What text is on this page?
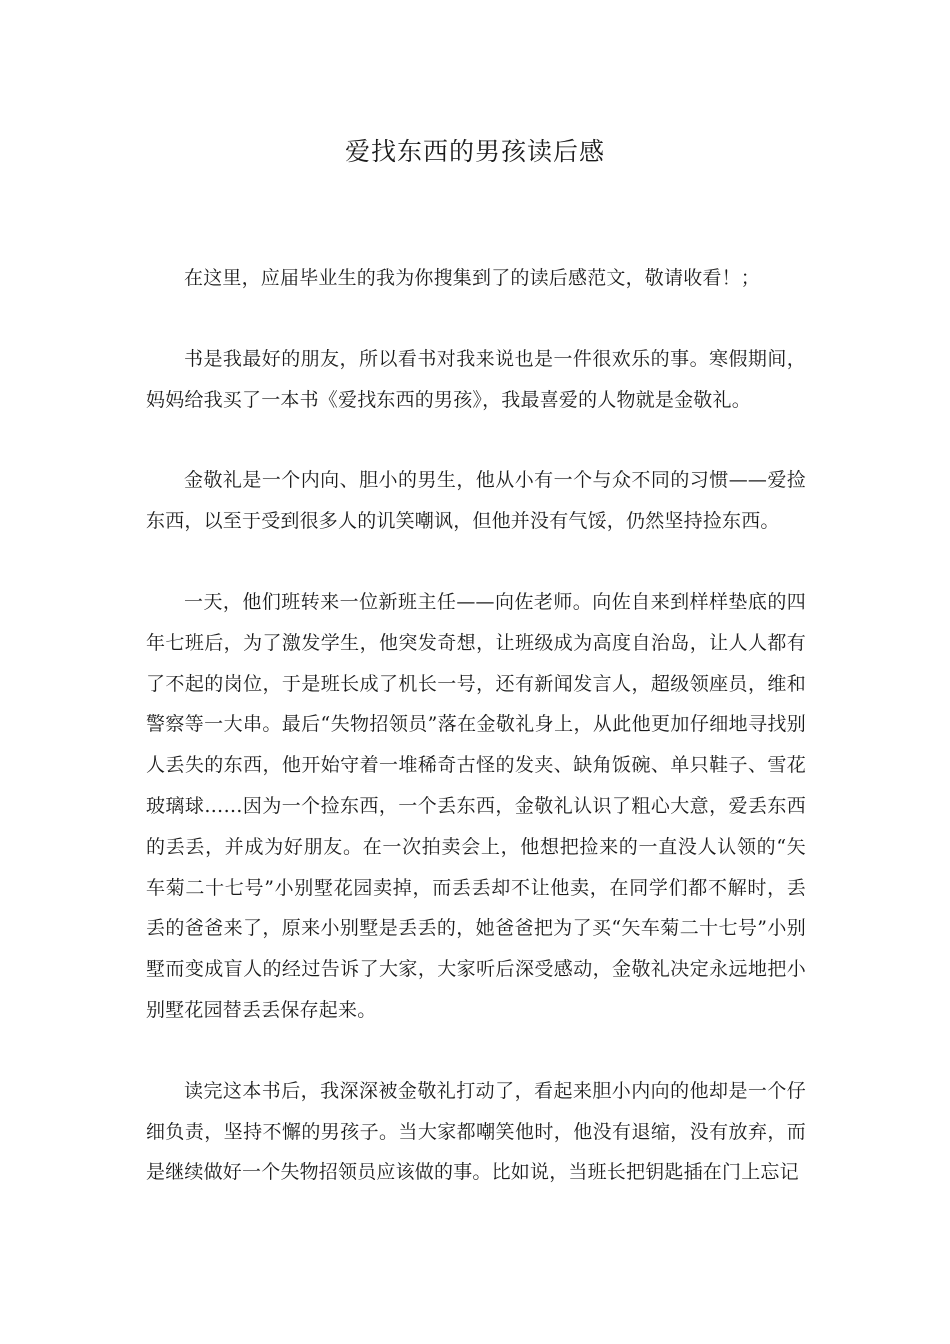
爱找东西的男孩读后感

在这里，应届毕业生的我为你搜集到了的读后感范文，敬请收看！；

书是我最好的朋友，所以看书对我来说也是一件很欢乐的事。寒假期间，妈妈给我买了一本书《爱找东西的男孩》，我最喜爱的人物就是金敬礼。

金敬礼是一个内向、胆小的男生，他从小有一个与众不同的习惯——爱捡东西，以至于受到很多人的讥笑嘲讽，但他并没有气馁，仍然坚持捡东西。

一天，他们班转来一位新班主任——向佐老师。向佐自来到样样垫底的四年七班后，为了激发学生，他突发奇想，让班级成为高度自治岛，让人人都有了不起的岗位，于是班长成了机长一号，还有新闻发言人，超级领座员，维和警察等一大串。最后“失物招领员”落在金敬礼身上，从此他更加仔细地寻找别人丢失的东西，他开始守着一堆稀奇古怪的发夹、缺角饭碗、单只鞋子、雪花玻璃球……因为一个捡东西，一个丢东西，金敬礼认识了粗心大意，爱丢东西的丢丢，并成为好朋友。在一次拍卖会上，他想把捡来的一直没人认领的“矢车菊二十七号”小别墅花园卖掉，而丢丢却不让他卖，在同学们都不解时，丢丢的爸爸来了，原来小别墅是丢丢的，她爸爸把为了买“矢车菊二十七号”小别墅而变成盲人的经过告诉了大家，大家听后深受感动，金敬礼决定永远地把小别墅花园替丢丢保存起来。

读完这本书后，我深深被金敬礼打动了，看起来胆小内向的他却是一个仔细负责，坚持不懈的男孩子。当大家都嘲笑他时，他没有退缩，没有放弃，而是继续做好一个失物招领员应该做的事。比如说，当班长把钥匙插在门上忘记
